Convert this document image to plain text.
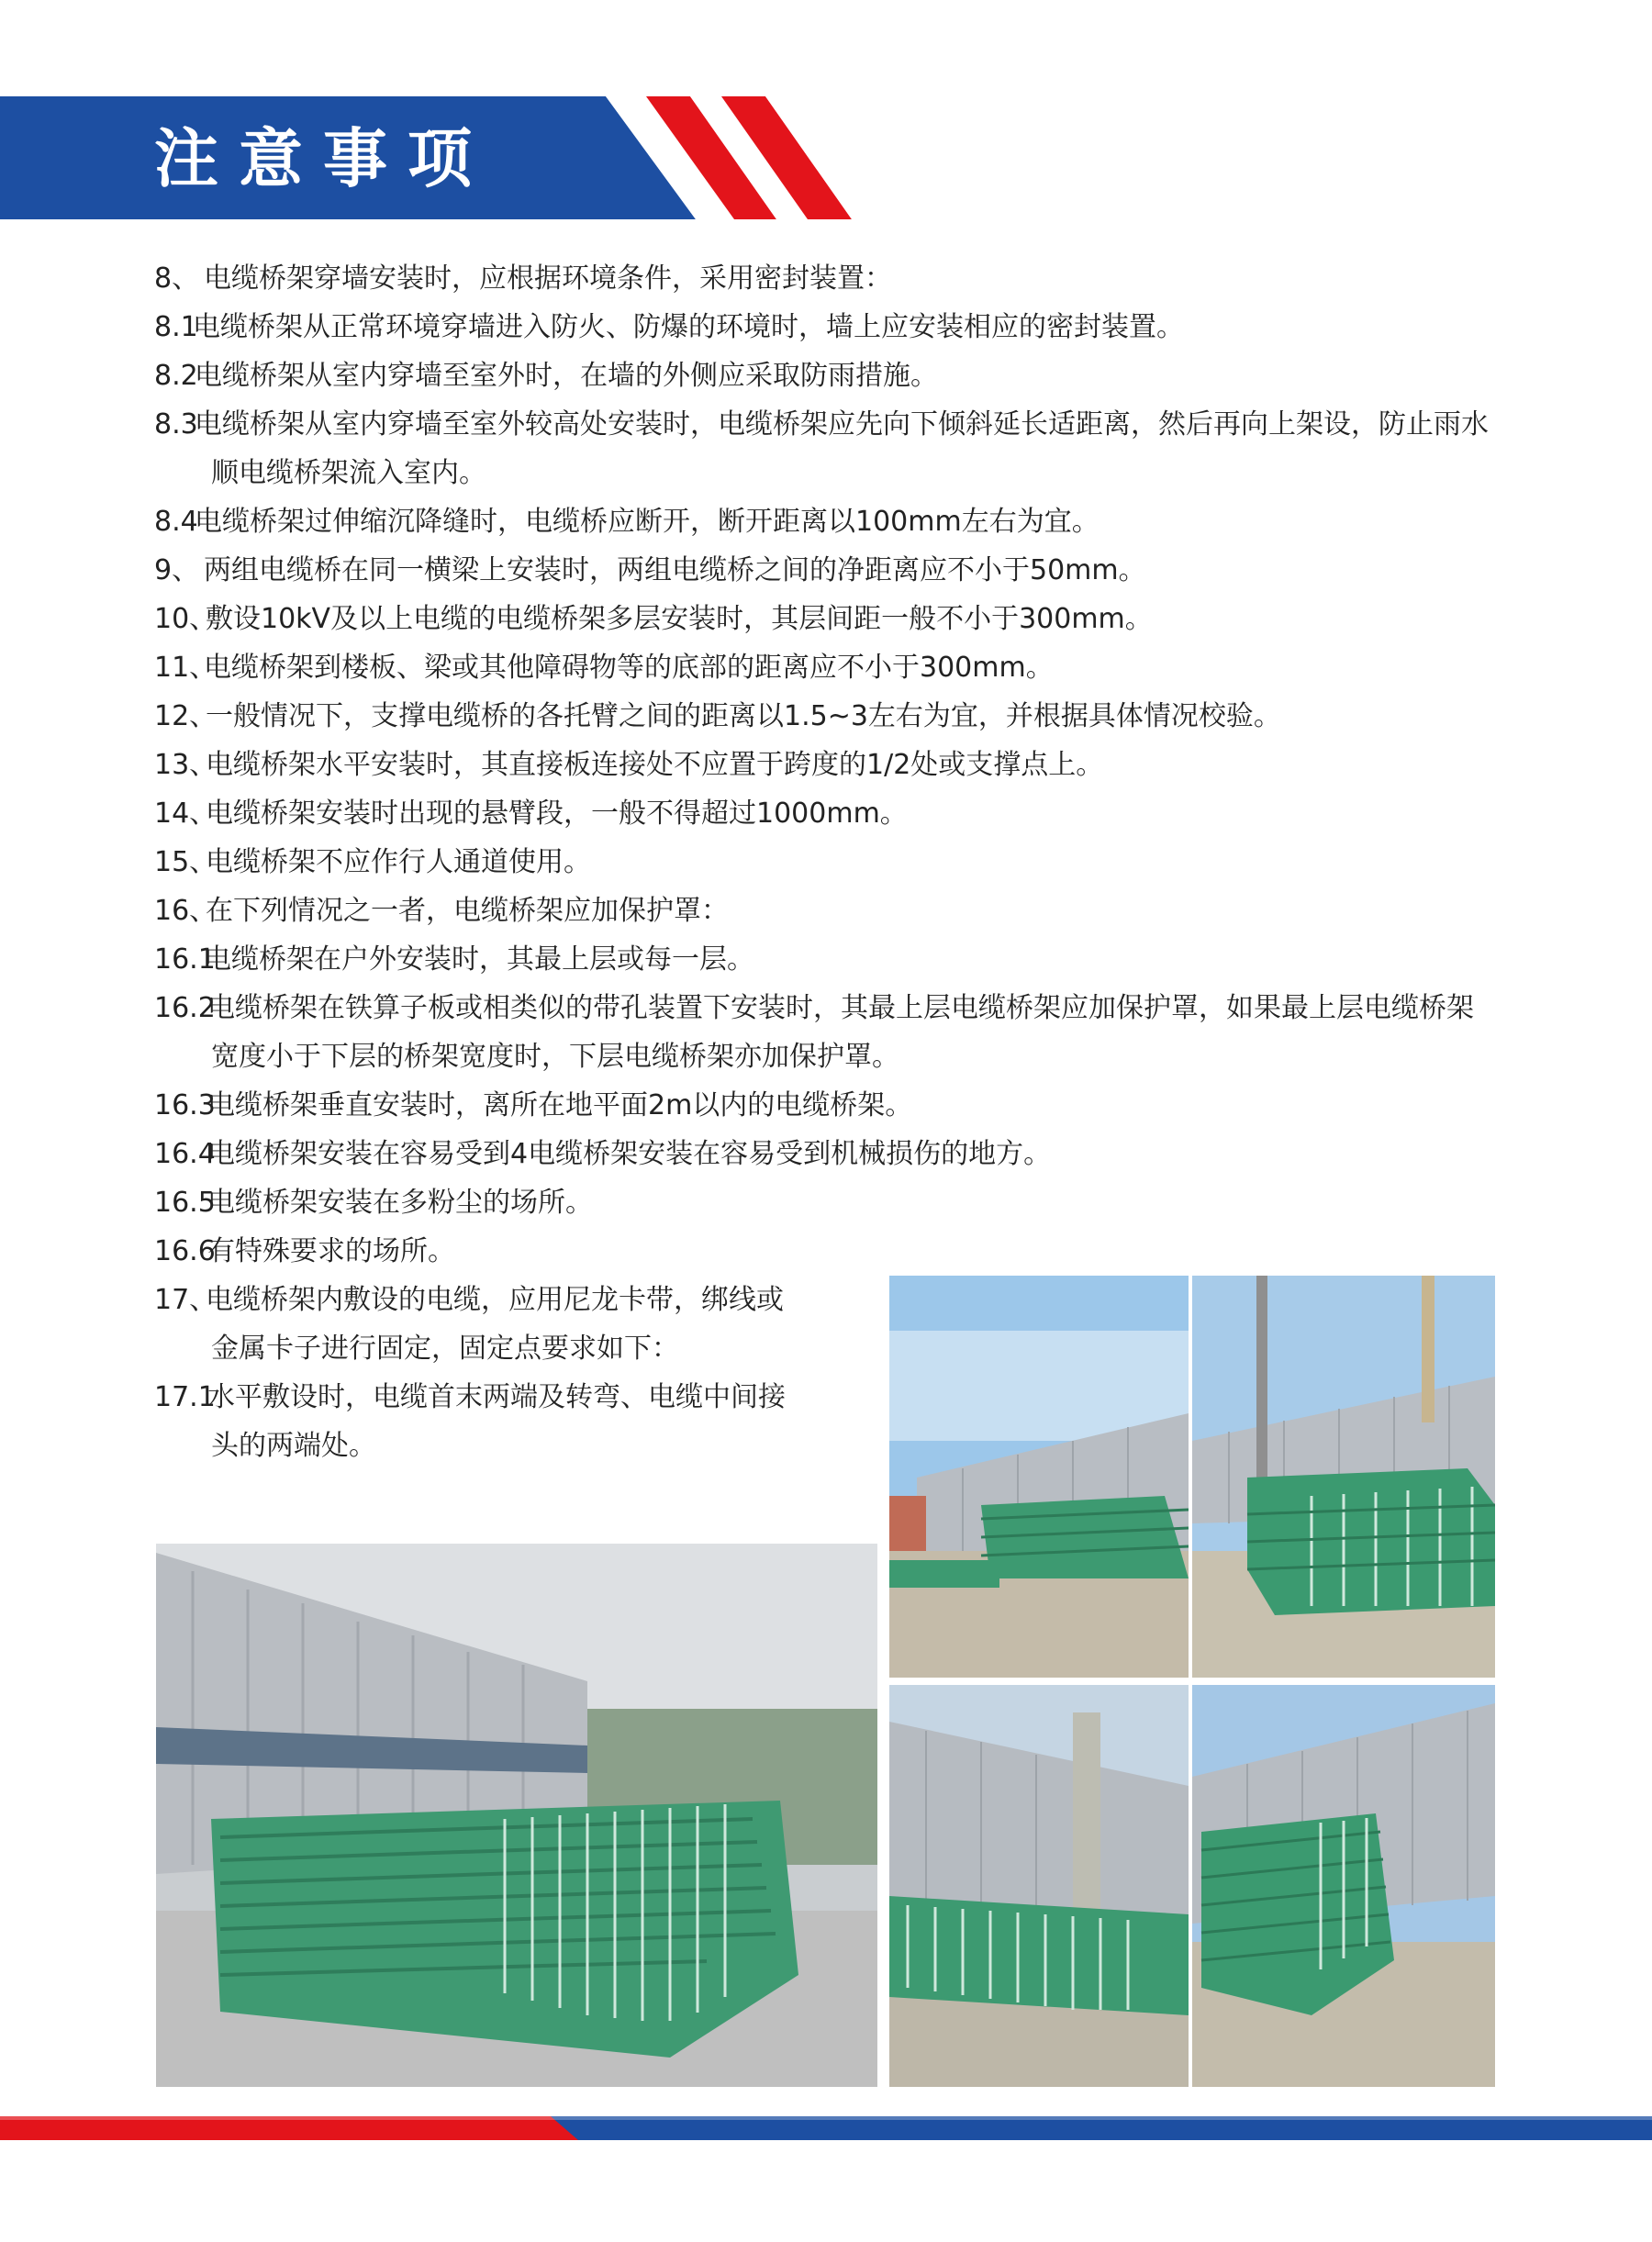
注意事项
8、 电缆桥架穿墙安装时，应根据环境条件，采用密封装置：
8.1
电缆桥架从正常环境穿墙进入防火、防爆的环境时，墙上应安装相应的密封装置。
8.2
电缆桥架从室内穿墙至室外时，在墙的外侧应采取防雨措施。
8.3
电缆桥架从室内穿墙至室外较高处安装时，电缆桥架应先向下倾斜延长适距离，然后再向上架设，防止雨水
顺电缆桥架流入室内。
8.4
电缆桥架过伸缩沉降缝时，电缆桥应断开，断开距离以100mm左右为宜。
9、 两组电缆桥在同一横梁上安装时，两组电缆桥之间的净距离应不小于50mm。
10、
敷设10kV及以上电缆的电缆桥架多层安装时，其层间距一般不小于300mm。
11、
电缆桥架到楼板、梁或其他障碍物等的底部的距离应不小于300mm。
12、
一般情况下，支撑电缆桥的各托臂之间的距离以1.5~3左右为宜，并根据具体情况校验。
13、
电缆桥架水平安装时，其直接板连接处不应置于跨度的1/2处或支撑点上。
14、
电缆桥架安装时出现的悬臂段，一般不得超过1000mm。
15、
电缆桥架不应作行人通道使用。
16、
在下列情况之一者，电缆桥架应加保护罩：
16.1
电缆桥架在户外安装时，其最上层或每一层。
16.2
电缆桥架在铁算子板或相类似的带孔装置下安装时，其最上层电缆桥架应加保护罩，如果最上层电缆桥架
宽度小于下层的桥架宽度时，下层电缆桥架亦加保护罩。
16.3
电缆桥架垂直安装时，离所在地平面2m以内的电缆桥架。
16.4
电缆桥架安装在容易受到4电缆桥架安装在容易受到机械损伤的地方。
16.5
电缆桥架安装在多粉尘的场所。
16.6
有特殊要求的场所。
17、
电缆桥架内敷设的电缆，应用尼龙卡带，绑线或
金属卡子进行固定，固定点要求如下：
17.1
水平敷设时，电缆首末两端及转弯、电缆中间接
头的两端处。
